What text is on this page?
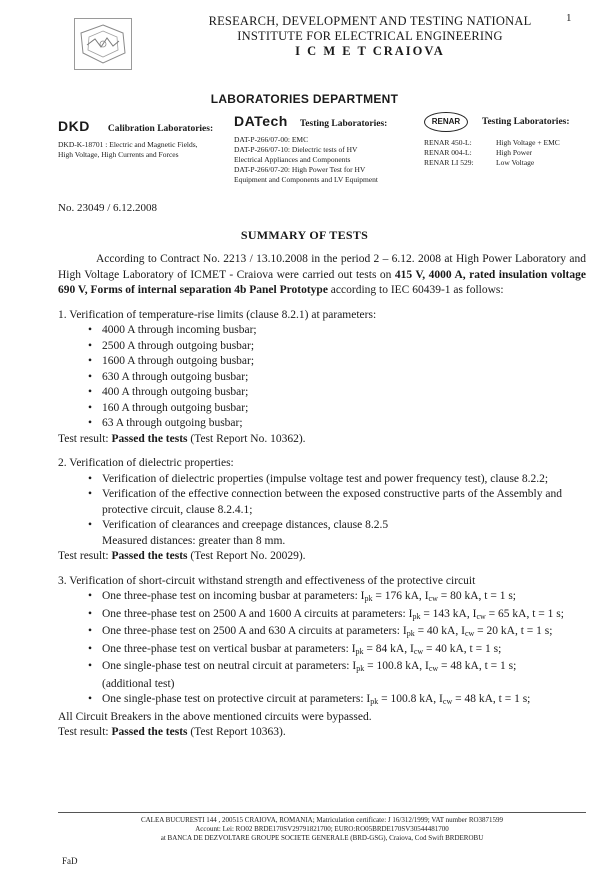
1
RESEARCH, DEVELOPMENT AND TESTING NATIONAL
INSTITUTE FOR ELECTRICAL ENGINEERING
I C M E T CRAIOVA
LABORATORIES DEPARTMENT
DKD Calibration Laboratories:
DKD-K-18701 : Electric and Magnetic Fields,
High Voltage, High Currents and Forces
DATech Testing Laboratories:
DAT-P-266/07-00: EMC
DAT-P-266/07-10: Dielectric tests of HV
Electrical Appliances and Components
DAT-P-266/07-20: High Power Test for HV
Equipment and Components and LV Equipment
RENAR	Testing Laboratories:
RENAR 450-L:	High Voltage + EMC
RENAR 004-L:	High Power
RENAR LI 529:	Low Voltage
No. 23049 / 6.12.2008
SUMMARY OF TESTS

According to Contract No. 2213 / 13.10.2008 in the period 2 – 6.12. 2008 at High Power Laboratory and High Voltage Laboratory of ICMET - Craiova were carried out tests on 415 V, 4000 A, rated insulation voltage 690 V, Forms of internal separation 4b Panel Prototype according to IEC 60439-1 as follows:

1. Verification of temperature-rise limits (clause 8.2.1) at parameters:
• 4000 A through incoming busbar;
• 2500 A through outgoing busbar;
• 1600 A through outgoing busbar;
• 630 A through outgoing busbar;
• 400 A through outgoing busbar;
• 160 A through outgoing busbar;
• 63 A through outgoing busbar;
Test result: Passed the tests (Test Report No. 10362).
2. Verification of dielectric properties:
• Verification of dielectric properties (impulse voltage test and power frequency test), clause 8.2.2;
• Verification of the effective connection between the exposed constructive parts of the Assembly and protective circuit, clause 8.2.4.1;
• Verification of clearances and creepage distances, clause 8.2.5
Measured distances: greater than 8 mm.
Test result: Passed the tests (Test Report No. 20029).
3. Verification of short-circuit withstand strength and effectiveness of the protective circuit
• One three-phase test on incoming busbar at parameters: $I_{pk} = 176$ kA, $I_{cw} = 80$ kA, t = 1 s;
• One three-phase test on 2500 A and 1600 A circuits at parameters: $I_{pk} = 143$ kA, $I_{cw} = 65$ kA, t = 1 s;
• One three-phase test on 2500 A and 630 A circuits at parameters: $I_{pk} = 40$ kA, $I_{cw} = 20$ kA, t = 1 s;
• One three-phase test on vertical busbar at parameters: $I_{pk} = 84$ kA, $I_{cw} = 40$ kA, t = 1 s;
• One single-phase test on neutral circuit at parameters: $I_{pk} = 100.8$ kA, $I_{cw} = 48$ kA, t = 1 s;
(additional test)
• One single-phase test on protective circuit at parameters: $I_{pk} = 100.8$ kA, $I_{cw} = 48$ kA, t = 1 s;
All Circuit Breakers in the above mentioned circuits were bypassed.
Test result: Passed the tests (Test Report 10363).
CALEA BUCURESTI 144 , 200515 CRAIOVA, ROMANIA; Matriculation certificate: J 16/312/1999; VAT number RO3871599
Account: Lei: RO02 BRDE170SV29791821700; EURO:RO05BRDE170SV30544481700
at BANCA DE DEZVOLTARE GROUPE SOCIETE GENERALE (BRD-GSG), Craiova, Cod Swift BRDEROBU
FaD
